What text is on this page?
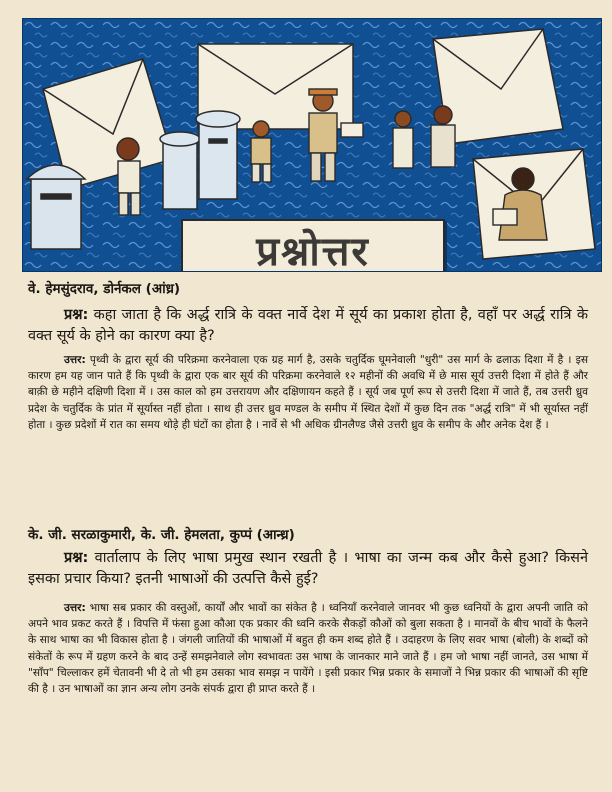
प्रश्नोत्तर
वे. हेमसुंदराव, डोर्नकल (आंध्र)
प्रश्न: कहा जाता है कि अर्द्ध रात्रि के वक्त नार्वे देश में सूर्य का प्रकाश होता है, वहाँ पर अर्द्ध रात्रि के वक्त सूर्य के होने का कारण क्या है?
उत्तर: पृथ्वी के द्वारा सूर्य की परिक्रमा करनेवाला एक ग्रह मार्ग है, उसके चतुर्दिक घूमनेवाली "धुरी" उस मार्ग के ढलाऊ दिशा में है । इस कारण हम यह जान पाते हैं कि पृथ्वी के द्वारा एक बार सूर्य की परिक्रमा करनेवाले १२ महीनों की अवधि में छे मास सूर्य उत्तरी दिशा में होते हैं और बाक़ी छे महीने दक्षिणी दिशा में । उस काल को हम उत्तरायण और दक्षिणायन कहते हैं । सूर्य जब पूर्ण रूप से उत्तरी दिशा में जाते हैं, तब उत्तरी ध्रुव प्रदेश के चतुर्दिक के प्रांत में सूर्यास्त नहीं होता । साथ ही उत्तर ध्रुव मण्डल के समीप में स्थित देशों में कुछ दिन तक "अर्द्ध रात्रि" में भी सूर्यास्त नहीं होता । कुछ प्रदेशों में रात का समय थोड़े ही घंटों का होता है । नार्वे से भी अधिक ग्रीनलैण्ड जैसे उत्तरी ध्रुव के समीप के और अनेक देश हैं ।
के. जी. सरळाकुमारी, के. जी. हेमलता, कुप्पं (आन्ध्र)
प्रश्न: वार्तालाप के लिए भाषा प्रमुख स्थान रखती है । भाषा का जन्म कब और कैसे हुआ? किसने इसका प्रचार किया? इतनी भाषाओं की उत्पत्ति कैसे हुई?
उत्तर: भाषा सब प्रकार की वस्तुओं, कार्यों और भावों का संकेत है । ध्वनियाँ करनेवाले जानवर भी कुछ ध्वनियों के द्वारा अपनी जाति को अपने भाव प्रकट करते हैं । विपत्ति में फंसा हुआ कौआ एक प्रकार की ध्वनि करके सैकड़ों कौओं को बुला सकता है । मानवों के बीच भावों के फैलने के साथ भाषा का भी विकास होता है । जंगली जातियों की भाषाओं में बहुत ही कम शब्द होते हैं । उदाहरण के लिए सवर भाषा (बोली) के शब्दों को संकेतों के रूप में ग्रहण करने के बाद उन्हें समझनेवाले लोग स्वभावतः उस भाषा के जानकार माने जाते हैं । हम जो भाषा नहीं जानते, उस भाषा में "साँप" चिल्लाकर हमें चेतावनी भी दे तो भी हम उसका भाव समझ न पायेंगे । इसी प्रकार भिन्न प्रकार के समाजों ने भिन्न प्रकार की भाषाओं की सृष्टि की है । उन भाषाओं का ज्ञान अन्य लोग उनके संपर्क द्वारा ही प्राप्त करते हैं ।
